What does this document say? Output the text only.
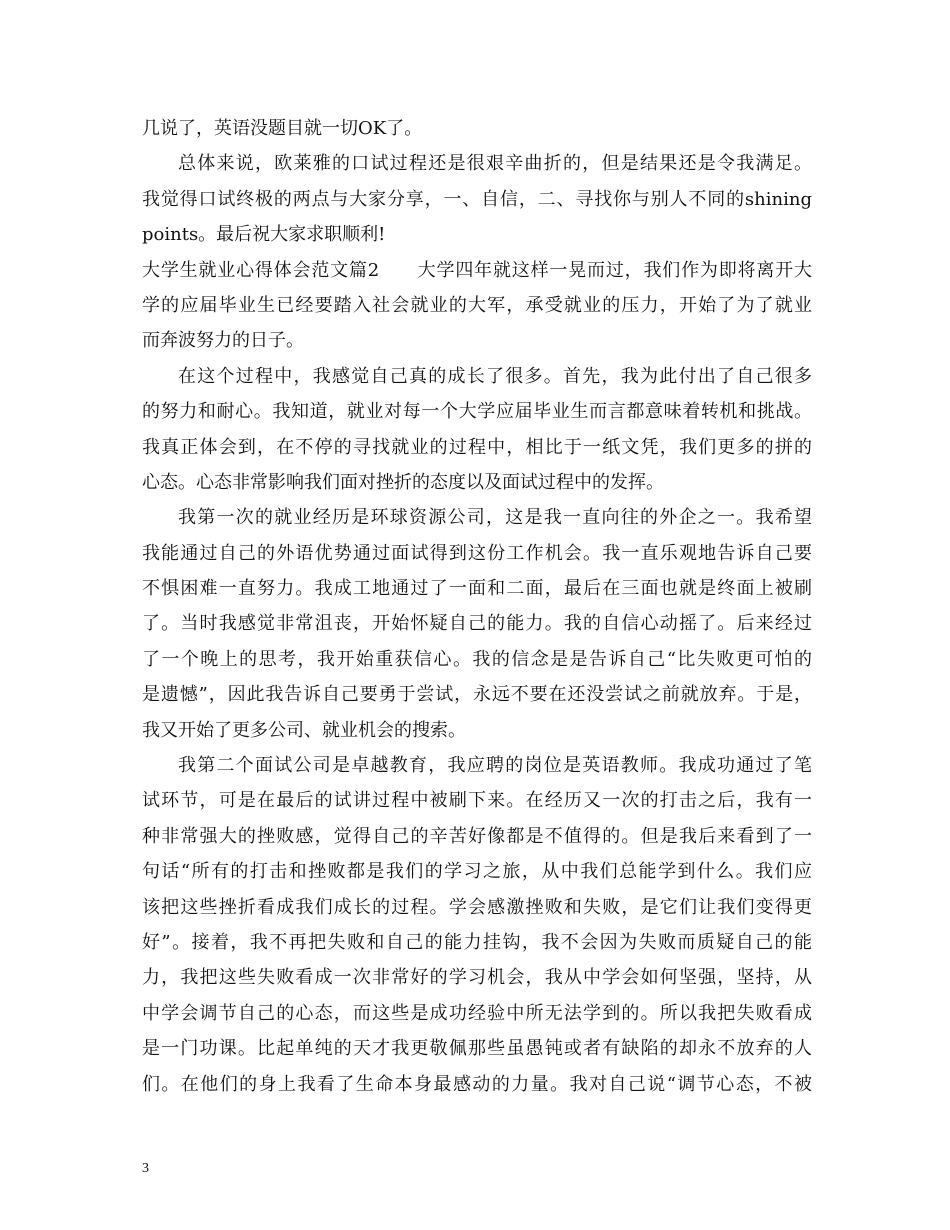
几说了，英语没题目就一切OK了。
总体来说，欧莱雅的口试过程还是很艰辛曲折的，但是结果还是令我满足。
我觉得口试终极的两点与大家分享，一、自信，二、寻找你与别人不同的shining
points。最后祝大家求职顺利!
大学生就业心得体会范文篇2　　大学四年就这样一晃而过，我们作为即将离开大
学的应届毕业生已经要踏入社会就业的大军，承受就业的压力，开始了为了就业
而奔波努力的日子。
在这个过程中，我感觉自己真的成长了很多。首先，我为此付出了自己很多
的努力和耐心。我知道，就业对每一个大学应届毕业生而言都意味着转机和挑战。
我真正体会到，在不停的寻找就业的过程中，相比于一纸文凭，我们更多的拼的
心态。心态非常影响我们面对挫折的态度以及面试过程中的发挥。
我第一次的就业经历是环球资源公司，这是我一直向往的外企之一。我希望
我能通过自己的外语优势通过面试得到这份工作机会。我一直乐观地告诉自己要
不惧困难一直努力。我成工地通过了一面和二面，最后在三面也就是终面上被刷
了。当时我感觉非常沮丧，开始怀疑自己的能力。我的自信心动摇了。后来经过
了一个晚上的思考，我开始重获信心。我的信念是是告诉自己“比失败更可怕的
是遗憾”，因此我告诉自己要勇于尝试，永远不要在还没尝试之前就放弃。于是，
我又开始了更多公司、就业机会的搜索。
我第二个面试公司是卓越教育，我应聘的岗位是英语教师。我成功通过了笔
试环节，可是在最后的试讲过程中被刷下来。在经历又一次的打击之后，我有一
种非常强大的挫败感，觉得自己的辛苦好像都是不值得的。但是我后来看到了一
句话“所有的打击和挫败都是我们的学习之旅，从中我们总能学到什么。我们应
该把这些挫折看成我们成长的过程。学会感激挫败和失败，是它们让我们变得更
好”。接着，我不再把失败和自己的能力挂钩，我不会因为失败而质疑自己的能
力，我把这些失败看成一次非常好的学习机会，我从中学会如何坚强，坚持，从
中学会调节自己的心态，而这些是成功经验中所无法学到的。所以我把失败看成
是一门功课。比起单纯的天才我更敬佩那些虽愚钝或者有缺陷的却永不放弃的人
们。在他们的身上我看了生命本身最感动的力量。我对自己说“调节心态，不被
3
